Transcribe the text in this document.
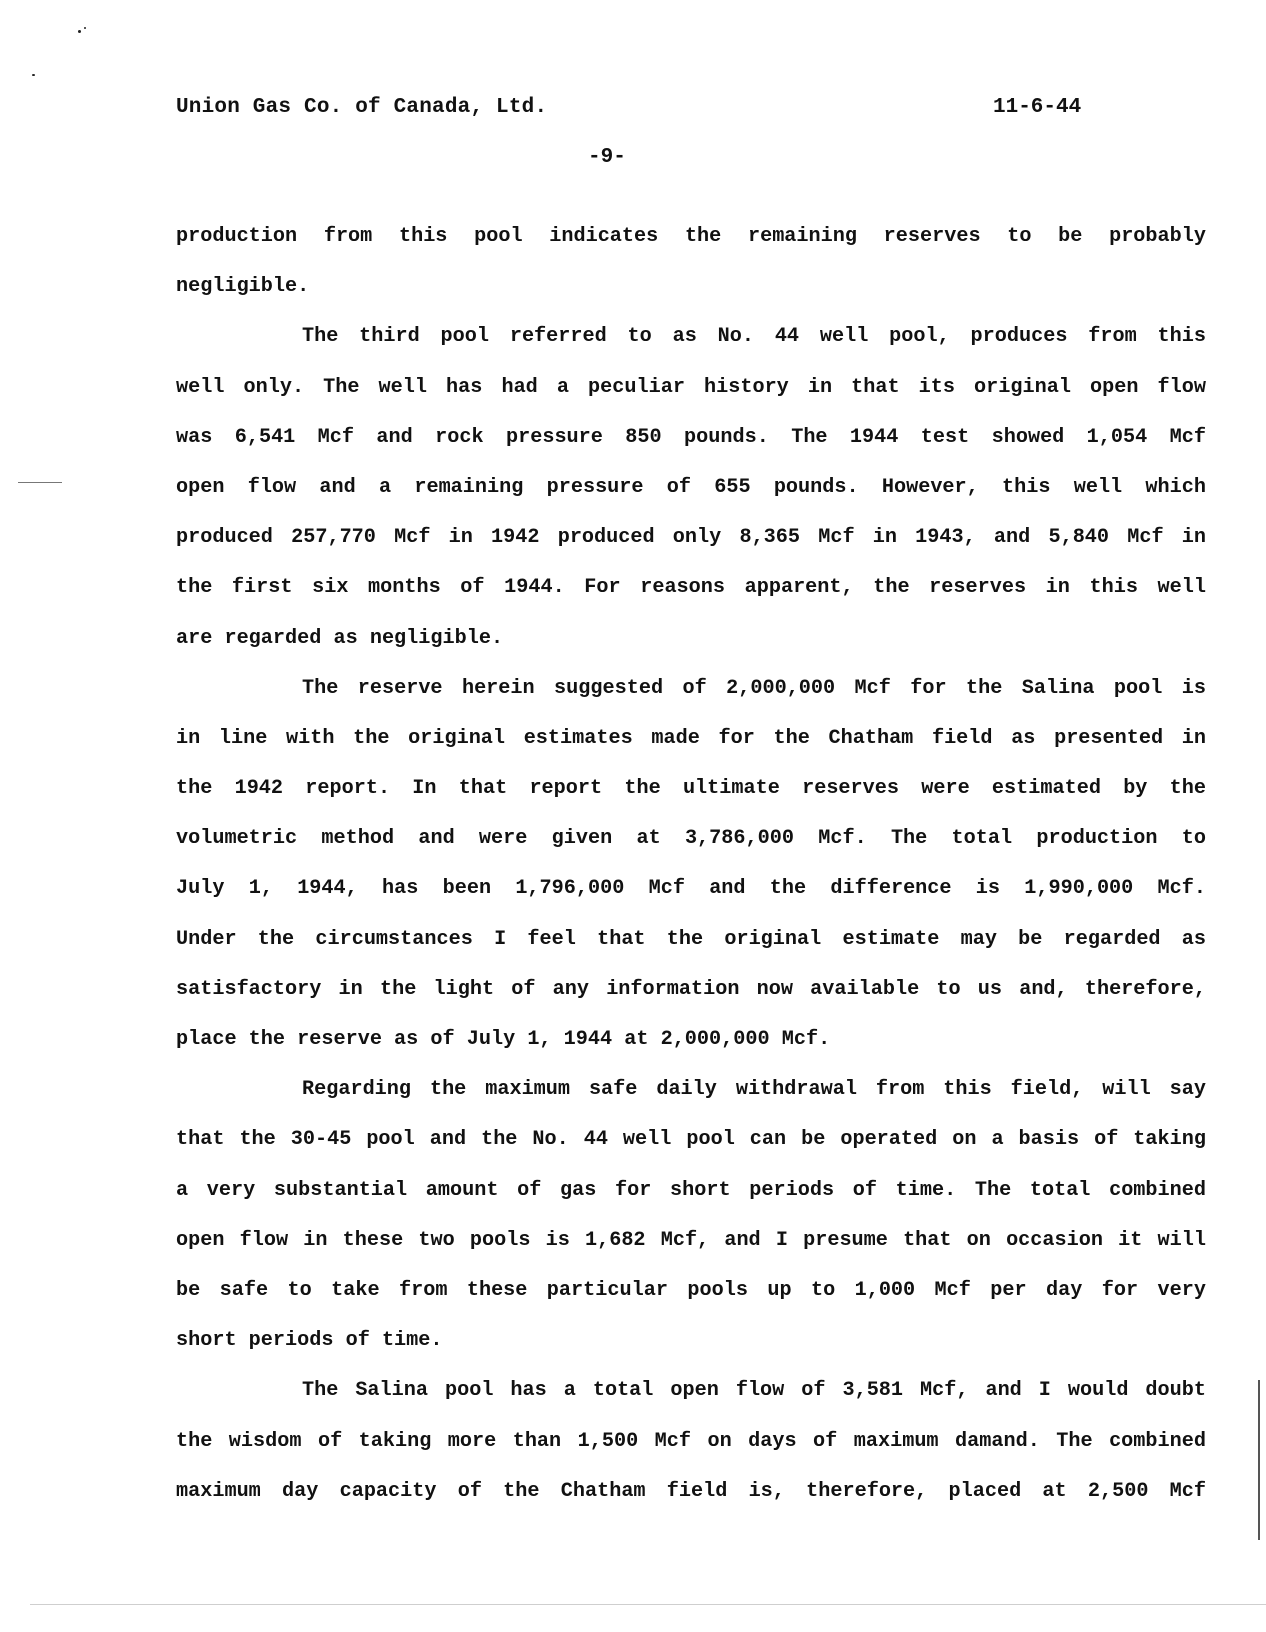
Union Gas Co. of Canada, Ltd.	11-6-44
-9-
production from this pool indicates the remaining reserves to be probably
negligible.
The third pool referred to as No. 44 well pool, produces from this
well only. The well has had a peculiar history in that its original open flow
was 6,541 Mcf and rock pressure 850 pounds. The 1944 test showed 1,054 Mcf
open flow and a remaining pressure of 655 pounds. However, this well which
produced 257,770 Mcf in 1942 produced only 8,365 Mcf in 1943, and 5,840 Mcf in
the first six months of 1944. For reasons apparent, the reserves in this well
are regarded as negligible.
The reserve herein suggested of 2,000,000 Mcf for the Salina pool is
in line with the original estimates made for the Chatham field as presented in
the 1942 report. In that report the ultimate reserves were estimated by the
volumetric method and were given at 3,786,000 Mcf. The total production to
July 1, 1944, has been 1,796,000 Mcf and the difference is 1,990,000 Mcf.
Under the circumstances I feel that the original estimate may be regarded as
satisfactory in the light of any information now available to us and, therefore,
place the reserve as of July 1, 1944 at 2,000,000 Mcf.
Regarding the maximum safe daily withdrawal from this field, will say
that the 30-45 pool and the No. 44 well pool can be operated on a basis of taking
a very substantial amount of gas for short periods of time. The total combined
open flow in these two pools is 1,682 Mcf, and I presume that on occasion it will
be safe to take from these particular pools up to 1,000 Mcf per day for very
short periods of time.
The Salina pool has a total open flow of 3,581 Mcf, and I would doubt
the wisdom of taking more than 1,500 Mcf on days of maximum damand. The combined
maximum day capacity of the Chatham field is, therefore, placed at 2,500 Mcf
